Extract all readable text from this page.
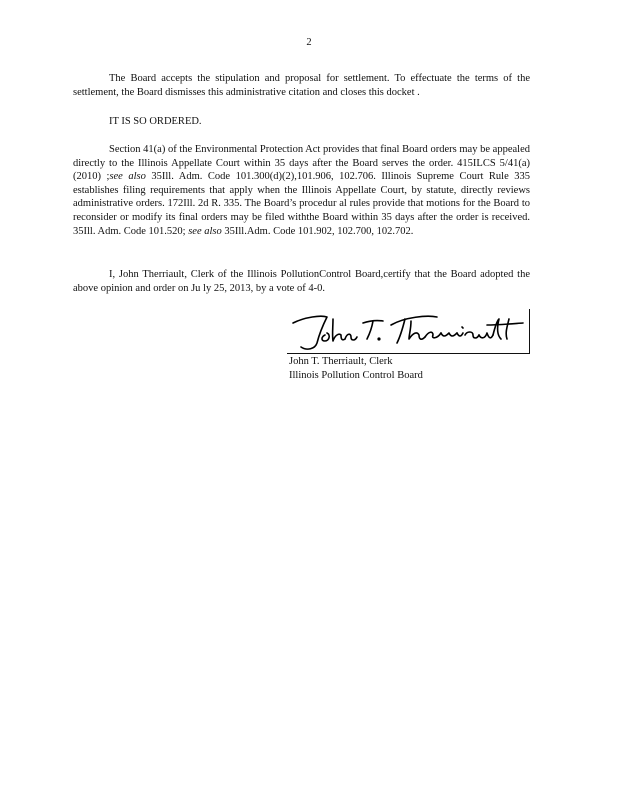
2

The Board accepts the stipulation and proposal for settlement. To effectuate the terms of the settlement, the Board dismisses this administrative citation and closes this docket .

IT IS SO ORDERED.

Section 41(a) of the Environmental Protection Act provides that final Board orders may be appealed directly to the Illinois Appellate Court within 35 days after the Board serves the order. 415ILCS 5/41(a) (2010) ;see also 35Ill. Adm. Code 101.300(d)(2),101.906, 102.706. Illinois Supreme Court Rule 335 establishes filing requirements that apply when the Illinois Appellate Court, by statute, directly reviews administrative orders. 172Ill. 2d R. 335. The Board’s procedur al rules provide that motions for the Board to reconsider or modify its final orders may be filed withthe Board within 35 days after the order is received. 35Ill. Adm. Code 101.520; see also 35Ill.Adm. Code 101.902, 102.700, 102.702.

I, John Therriault, Clerk of the Illinois PollutionControl Board,certify that the Board adopted the above opinion and order on Ju ly 25, 2013, by a vote of 4-0.

John T. Therriault, Clerk
Illinois Pollution Control Board
